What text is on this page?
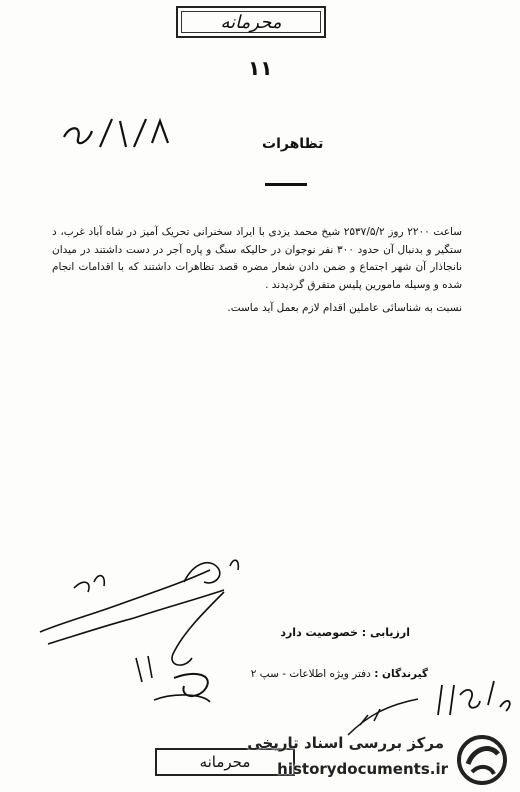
محرمانه
۱۱
تظاهرات

ساعت ۲۲۰۰ روز ۲۵۳۷/۵/۲ شیخ محمد یزدی با ایراد سخنرانی تحریک آمیز در شاه آباد غرب، د ستگیر و بدنبال آن حدود ۳۰۰ نفر نوجوان در حالیکه سنگ و پاره آجر در دست داشتند در میدان نانجاذار آن شهر اجتماع و ضمن دادن شعار مضره قصد تظاهرات داشتند که با اقدامات انجام شده و وسیله مامورین پلیس متفرق گردیدند .

نسبت به شناسائی عاملین اقدام لازم بعمل آید ماست.

ارزیابی : خصوصیت دارد
گیرندگان : دفتر ویژه اطلاعات - سپ ۲
محرمانه
مرکز بررسی اسناد تاریخی
historydocuments.ir
